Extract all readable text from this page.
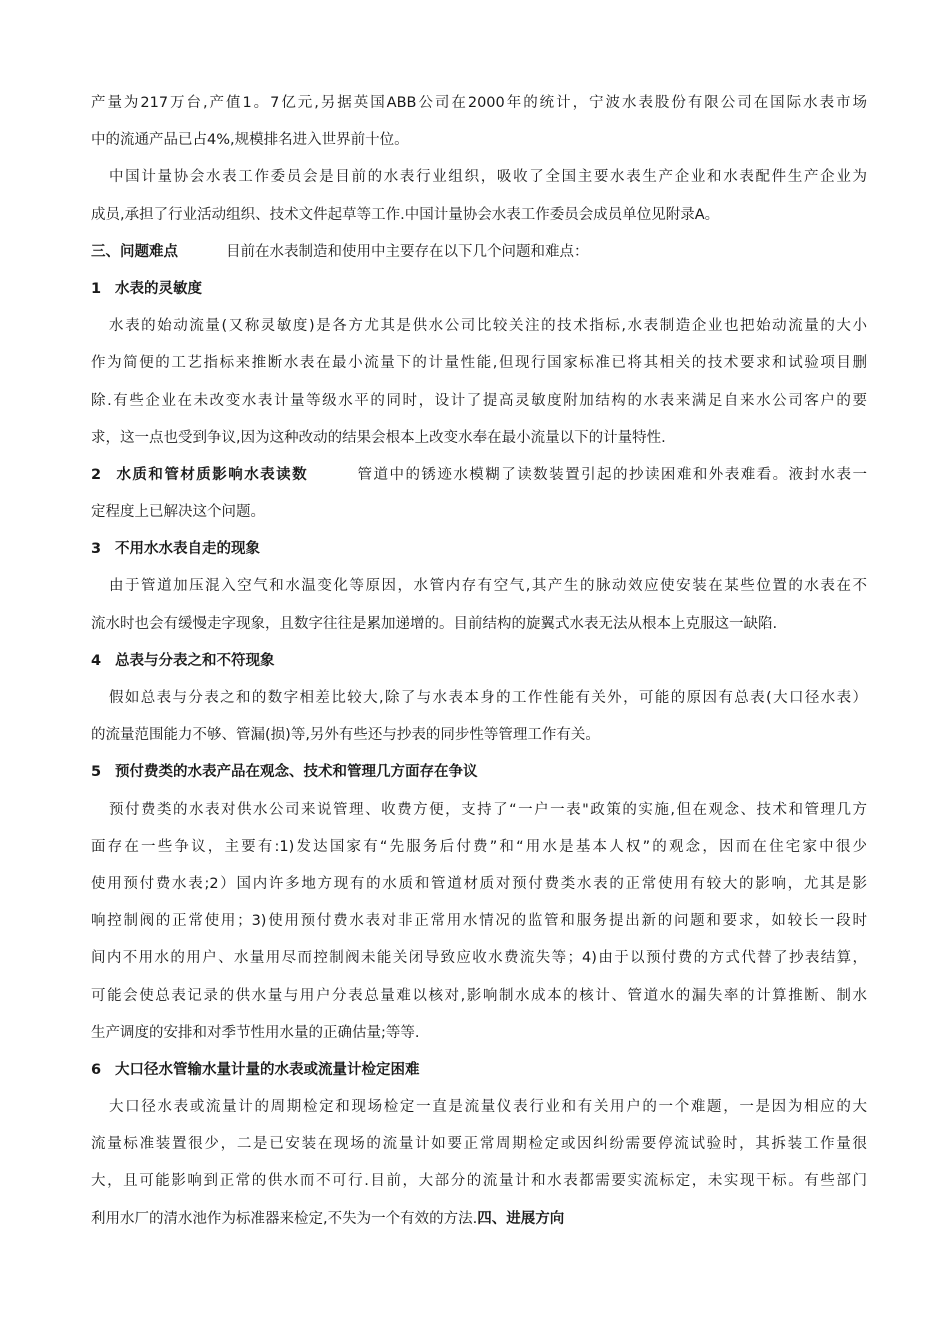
产量为217万台,产值1。7亿元,另据英国ABB公司在2000年的统计，宁波水表股份有限公司在国际水表市场
中的流通产品已占4%,规模排名进入世界前十位。
中国计量协会水表工作委员会是目前的水表行业组织，吸收了全国主要水表生产企业和水表配件生产企业为
成员,承担了行业活动组织、技术文件起草等工作.中国计量协会水表工作委员会成员单位见附录A。
三、问题难点	目前在水表制造和使用中主要存在以下几个问题和难点：
1 水表的灵敏度
水表的始动流量(又称灵敏度)是各方尤其是供水公司比较关注的技术指标,水表制造企业也把始动流量的大小
作为简便的工艺指标来推断水表在最小流量下的计量性能,但现行国家标准已将其相关的技术要求和试验项目删
除.有些企业在未改变水表计量等级水平的同时，设计了提高灵敏度附加结构的水表来满足自来水公司客户的要
求，这一点也受到争议,因为这种改动的结果会根本上改变水奉在最小流量以下的计量特性.
2 水质和管材质影响水表读数	管道中的锈迹水模糊了读数装置引起的抄读困难和外表难看。液封水表一
定程度上已解决这个问题。
3 不用水水表自走的现象
由于管道加压混入空气和水温变化等原因，水管内存有空气,其产生的脉动效应使安装在某些位置的水表在不
流水时也会有缓慢走字现象，且数字往往是累加递增的。目前结构的旋翼式水表无法从根本上克服这一缺陷.
4 总表与分表之和不符现象
假如总表与分表之和的数字相差比较大,除了与水表本身的工作性能有关外，可能的原因有总表(大口径水表）
的流量范围能力不够、管漏(损)等,另外有些还与抄表的同步性等管理工作有关。
5 预付费类的水表产品在观念、技术和管理几方面存在争议
预付费类的水表对供水公司来说管理、收费方便，支持了“一户一表"政策的实施,但在观念、技术和管理几方
面存在一些争议，主要有:1)发达国家有“先服务后付费”和“用水是基本人权”的观念，因而在住宅家中很少
使用预付费水表;2）国内许多地方现有的水质和管道材质对预付费类水表的正常使用有较大的影响，尤其是影
响控制阀的正常使用；3)使用预付费水表对非正常用水情况的监管和服务提出新的问题和要求，如较长一段时
间内不用水的用户、水量用尽而控制阀未能关闭导致应收水费流失等；4)由于以预付费的方式代替了抄表结算，
可能会使总表记录的供水量与用户分表总量难以核对,影响制水成本的核计、管道水的漏失率的计算推断、制水
生产调度的安排和对季节性用水量的正确估量;等等.
6 大口径水管输水量计量的水表或流量计检定困难
大口径水表或流量计的周期检定和现场检定一直是流量仪表行业和有关用户的一个难题，一是因为相应的大
流量标准装置很少，二是已安装在现场的流量计如要正常周期检定或因纠纷需要停流试验时，其拆装工作量很
大，且可能影响到正常的供水而不可行.目前，大部分的流量计和水表都需要实流标定，未实现干标。有些部门
利用水厂的清水池作为标准器来检定,不失为一个有效的方法.四、进展方向
